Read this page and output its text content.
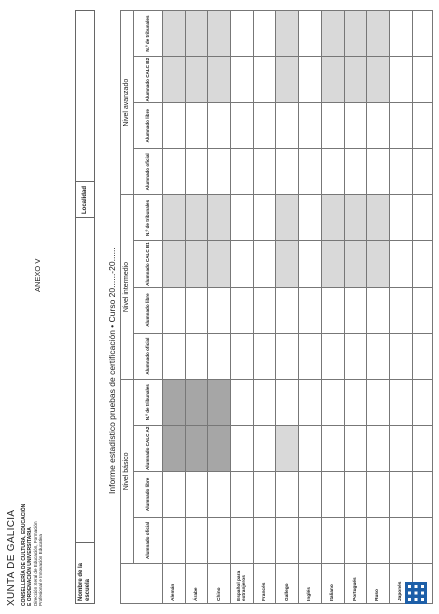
XUNTA DE GALICIA CONSELLERÍA DE CULTURA, EDUCACIÓN E ORDENACIÓN UNIVERSITARIA Dirección Xeral de Educación, Formación Profesional e Innovación Educativa
ANEXO V
Nombre de la escuela
Localidad
Informe estadístico pruebas de certificación • Curso 20......-20......
	Nivel básico				Nivel intermedio				Nivel avanzado			
	Alumnado oficial	Alumnado libre	Alumnado CALC A2	N.º de tribunales	Alumnado oficial	Alumnado libre	Alumnado CALC B1	N.º de tribunales	Alumnado oficial	Alumnado libre	Alumnado CALC B2	N.º de tribunales
Alemán												
Árabe												
Chino												
Español para extranjeros												
Francés												
Gallego												
Inglés												
Italiano												
Portugués												
Ruso												
Japonés												
